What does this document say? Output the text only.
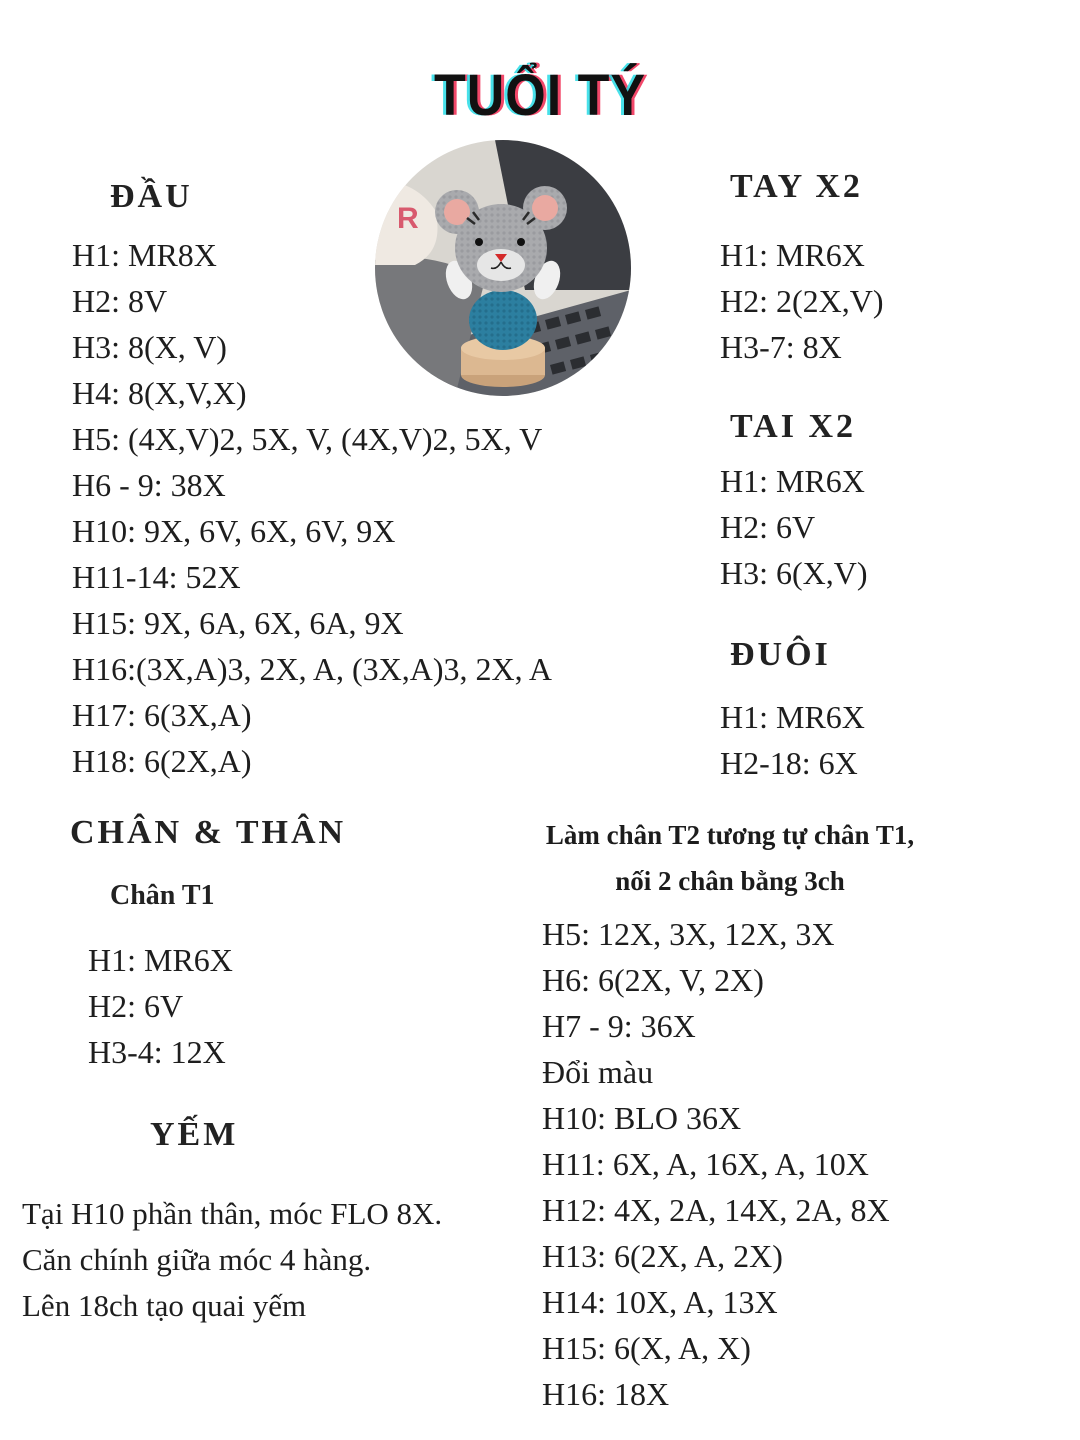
TUỔI TÝ
R
ĐẦU
H1: MR8X
H2: 8V
H3: 8(X, V)
H4: 8(X,V,X)
H5: (4X,V)2, 5X, V, (4X,V)2, 5X, V
H6 - 9: 38X
H10: 9X, 6V, 6X, 6V, 9X
H11-14: 52X
H15: 9X, 6A, 6X, 6A, 9X
H16:(3X,A)3, 2X, A, (3X,A)3, 2X, A
H17: 6(3X,A)
H18: 6(2X,A)
TAY X2
H1: MR6X
H2: 2(2X,V)
H3-7: 8X
TAI X2
H1: MR6X
H2: 6V
H3: 6(X,V)
ĐUÔI
H1: MR6X
H2-18: 6X
CHÂN & THÂN
Chân T1
H1: MR6X
H2: 6V
H3-4: 12X
Làm chân T2 tương tự chân T1,
nối 2 chân bằng 3ch
H5: 12X, 3X, 12X, 3X
H6: 6(2X, V, 2X)
H7 - 9: 36X
Đổi màu
H10: BLO 36X
H11: 6X, A, 16X, A, 10X
H12: 4X, 2A, 14X, 2A, 8X
H13: 6(2X, A, 2X)
H14: 10X, A, 13X
H15: 6(X, A, X)
H16: 18X
YẾM
Tại H10 phần thân, móc FLO 8X.
Căn chính giữa móc 4 hàng.
Lên 18ch tạo quai yếm
